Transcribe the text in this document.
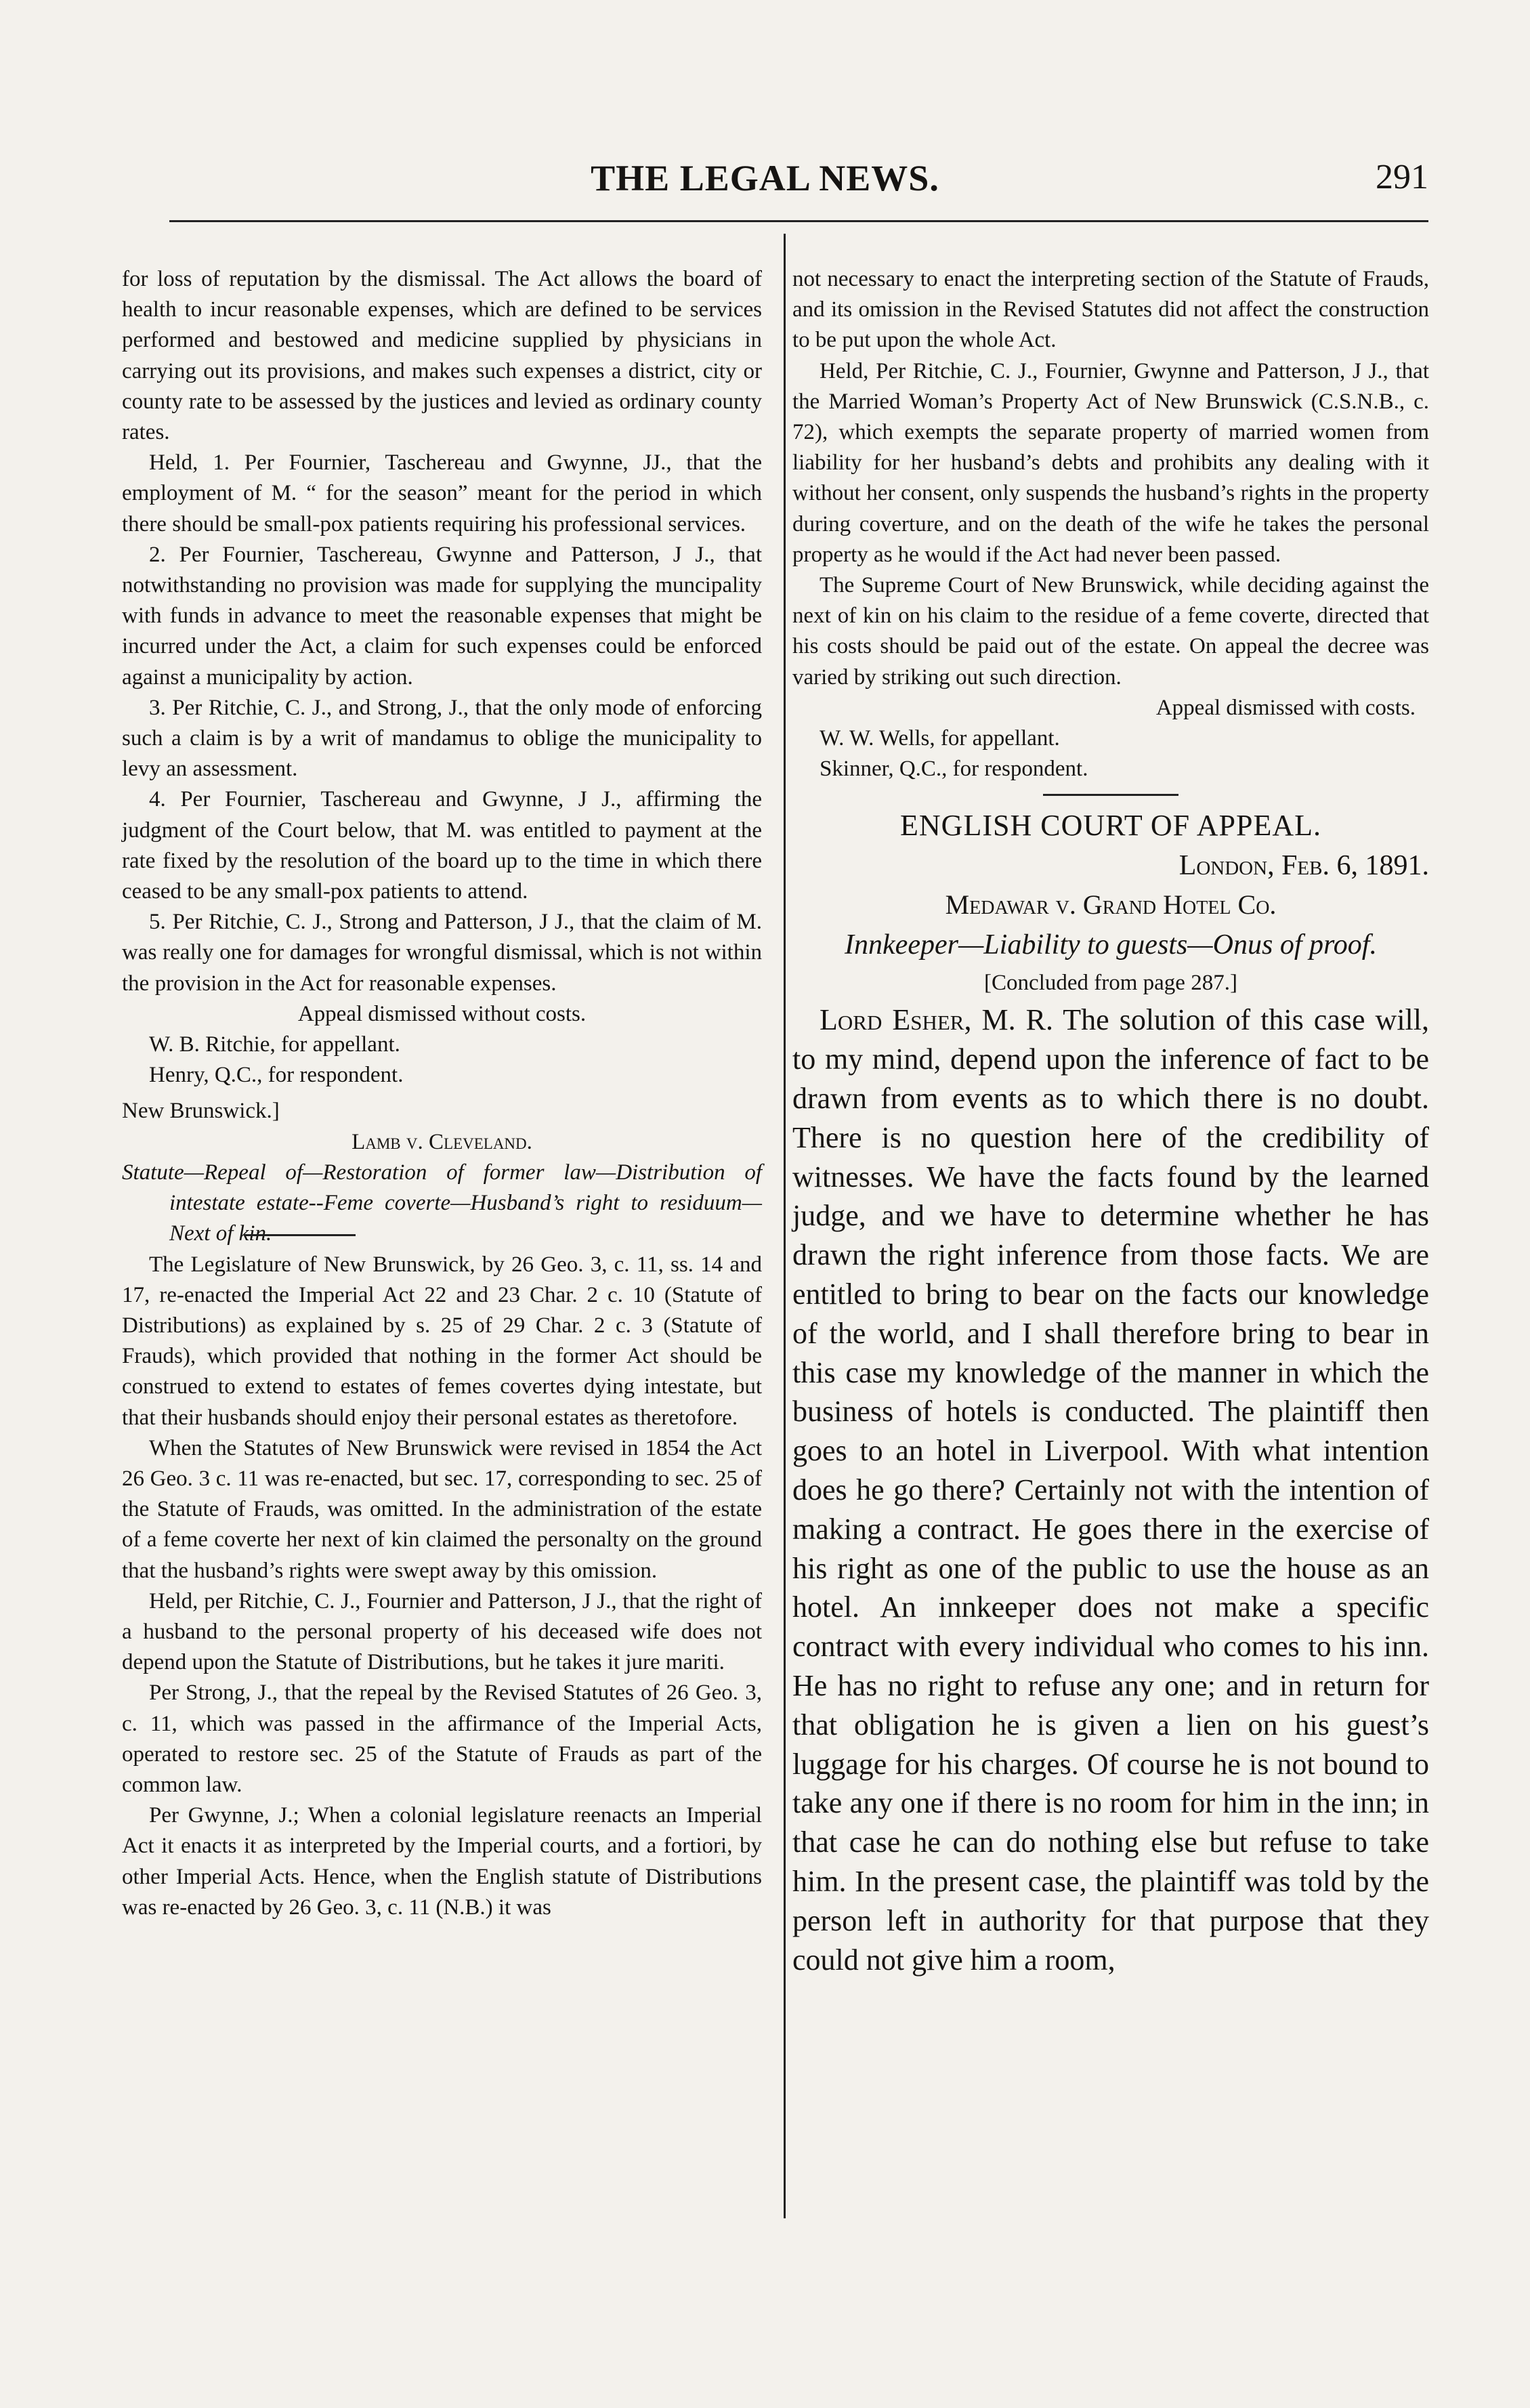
THE LEGAL NEWS.	291

for loss of reputation by the dismissal. The Act allows the board of health to incur reasonable expenses, which are defined to be services performed and bestowed and medicine supplied by physicians in carrying out its provisions, and makes such expenses a district, city or county rate to be assessed by the justices and levied as ordinary county rates.

Held, 1. Per Fournier, Taschereau and Gwynne, JJ., that the employment of M. “ for the season” meant for the period in which there should be small-pox patients requiring his professional services.

2. Per Fournier, Taschereau, Gwynne and Patterson, J J., that notwithstanding no provision was made for supplying the muncipality with funds in advance to meet the reasonable expenses that might be incurred under the Act, a claim for such expenses could be enforced against a municipality by action.

3. Per Ritchie, C. J., and Strong, J., that the only mode of enforcing such a claim is by a writ of mandamus to oblige the municipality to levy an assessment.

4. Per Fournier, Taschereau and Gwynne, J J., affirming the judgment of the Court below, that M. was entitled to payment at the rate fixed by the resolution of the board up to the time in which there ceased to be any small-pox patients to attend.

5. Per Ritchie, C. J., Strong and Patterson, J J., that the claim of M. was really one for damages for wrongful dismissal, which is not within the provision in the Act for reasonable expenses.

Appeal dismissed without costs.

W. B. Ritchie, for appellant.

Henry, Q.C., for respondent.

New Brunswick.]

Lamb v. Cleveland.

Statute—Repeal of—Restoration of former law—Distribution of intestate estate--Feme coverte—Husband’s right to residuum—Next of kin.

The Legislature of New Brunswick, by 26 Geo. 3, c. 11, ss. 14 and 17, re-enacted the Imperial Act 22 and 23 Char. 2 c. 10 (Statute of Distributions) as explained by s. 25 of 29 Char. 2 c. 3 (Statute of Frauds), which provided that nothing in the former Act should be construed to extend to estates of femes covertes dying intestate, but that their husbands should enjoy their personal estates as theretofore.

When the Statutes of New Brunswick were revised in 1854 the Act 26 Geo. 3 c. 11 was re-enacted, but sec. 17, corresponding to sec. 25 of the Statute of Frauds, was omitted. In the administration of the estate of a feme coverte her next of kin claimed the personalty on the ground that the husband’s rights were swept away by this omission.

Held, per Ritchie, C. J., Fournier and Patterson, J J., that the right of a husband to the personal property of his deceased wife does not depend upon the Statute of Distributions, but he takes it jure mariti.

Per Strong, J., that the repeal by the Revised Statutes of 26 Geo. 3, c. 11, which was passed in the affirmance of the Imperial Acts, operated to restore sec. 25 of the Statute of Frauds as part of the common law.

Per Gwynne, J.; When a colonial legislature reenacts an Imperial Act it enacts it as interpreted by the Imperial courts, and a fortiori, by other Imperial Acts. Hence, when the English statute of Distributions was re-enacted by 26 Geo. 3, c. 11 (N.B.) it was

not necessary to enact the interpreting section of the Statute of Frauds, and its omission in the Revised Statutes did not affect the construction to be put upon the whole Act.

Held, Per Ritchie, C. J., Fournier, Gwynne and Patterson, J J., that the Married Woman’s Property Act of New Brunswick (C.S.N.B., c. 72), which exempts the separate property of married women from liability for her husband’s debts and prohibits any dealing with it without her consent, only suspends the husband’s rights in the property during coverture, and on the death of the wife he takes the personal property as he would if the Act had never been passed.

The Supreme Court of New Brunswick, while deciding against the next of kin on his claim to the residue of a feme coverte, directed that his costs should be paid out of the estate. On appeal the decree was varied by striking out such direction.

Appeal dismissed with costs.

W. W. Wells, for appellant.

Skinner, Q.C., for respondent.

ENGLISH COURT OF APPEAL.
London, Feb. 6, 1891.
Medawar v. Grand Hotel Co.
Innkeeper—Liability to guests—Onus of proof.
[Concluded from page 287.]

Lord Esher, M. R. The solution of this case will, to my mind, depend upon the inference of fact to be drawn from events as to which there is no doubt. There is no question here of the credibility of witnesses. We have the facts found by the learned judge, and we have to determine whether he has drawn the right inference from those facts. We are entitled to bring to bear on the facts our knowledge of the world, and I shall therefore bring to bear in this case my knowledge of the manner in which the business of hotels is conducted. The plaintiff then goes to an hotel in Liverpool. With what intention does he go there? Certainly not with the intention of making a contract. He goes there in the exercise of his right as one of the public to use the house as an hotel. An innkeeper does not make a specific contract with every individual who comes to his inn. He has no right to refuse any one; and in return for that obligation he is given a lien on his guest’s luggage for his charges. Of course he is not bound to take any one if there is no room for him in the inn; in that case he can do nothing else but refuse to take him. In the present case, the plaintiff was told by the person left in authority for that purpose that they could not give him a room,
